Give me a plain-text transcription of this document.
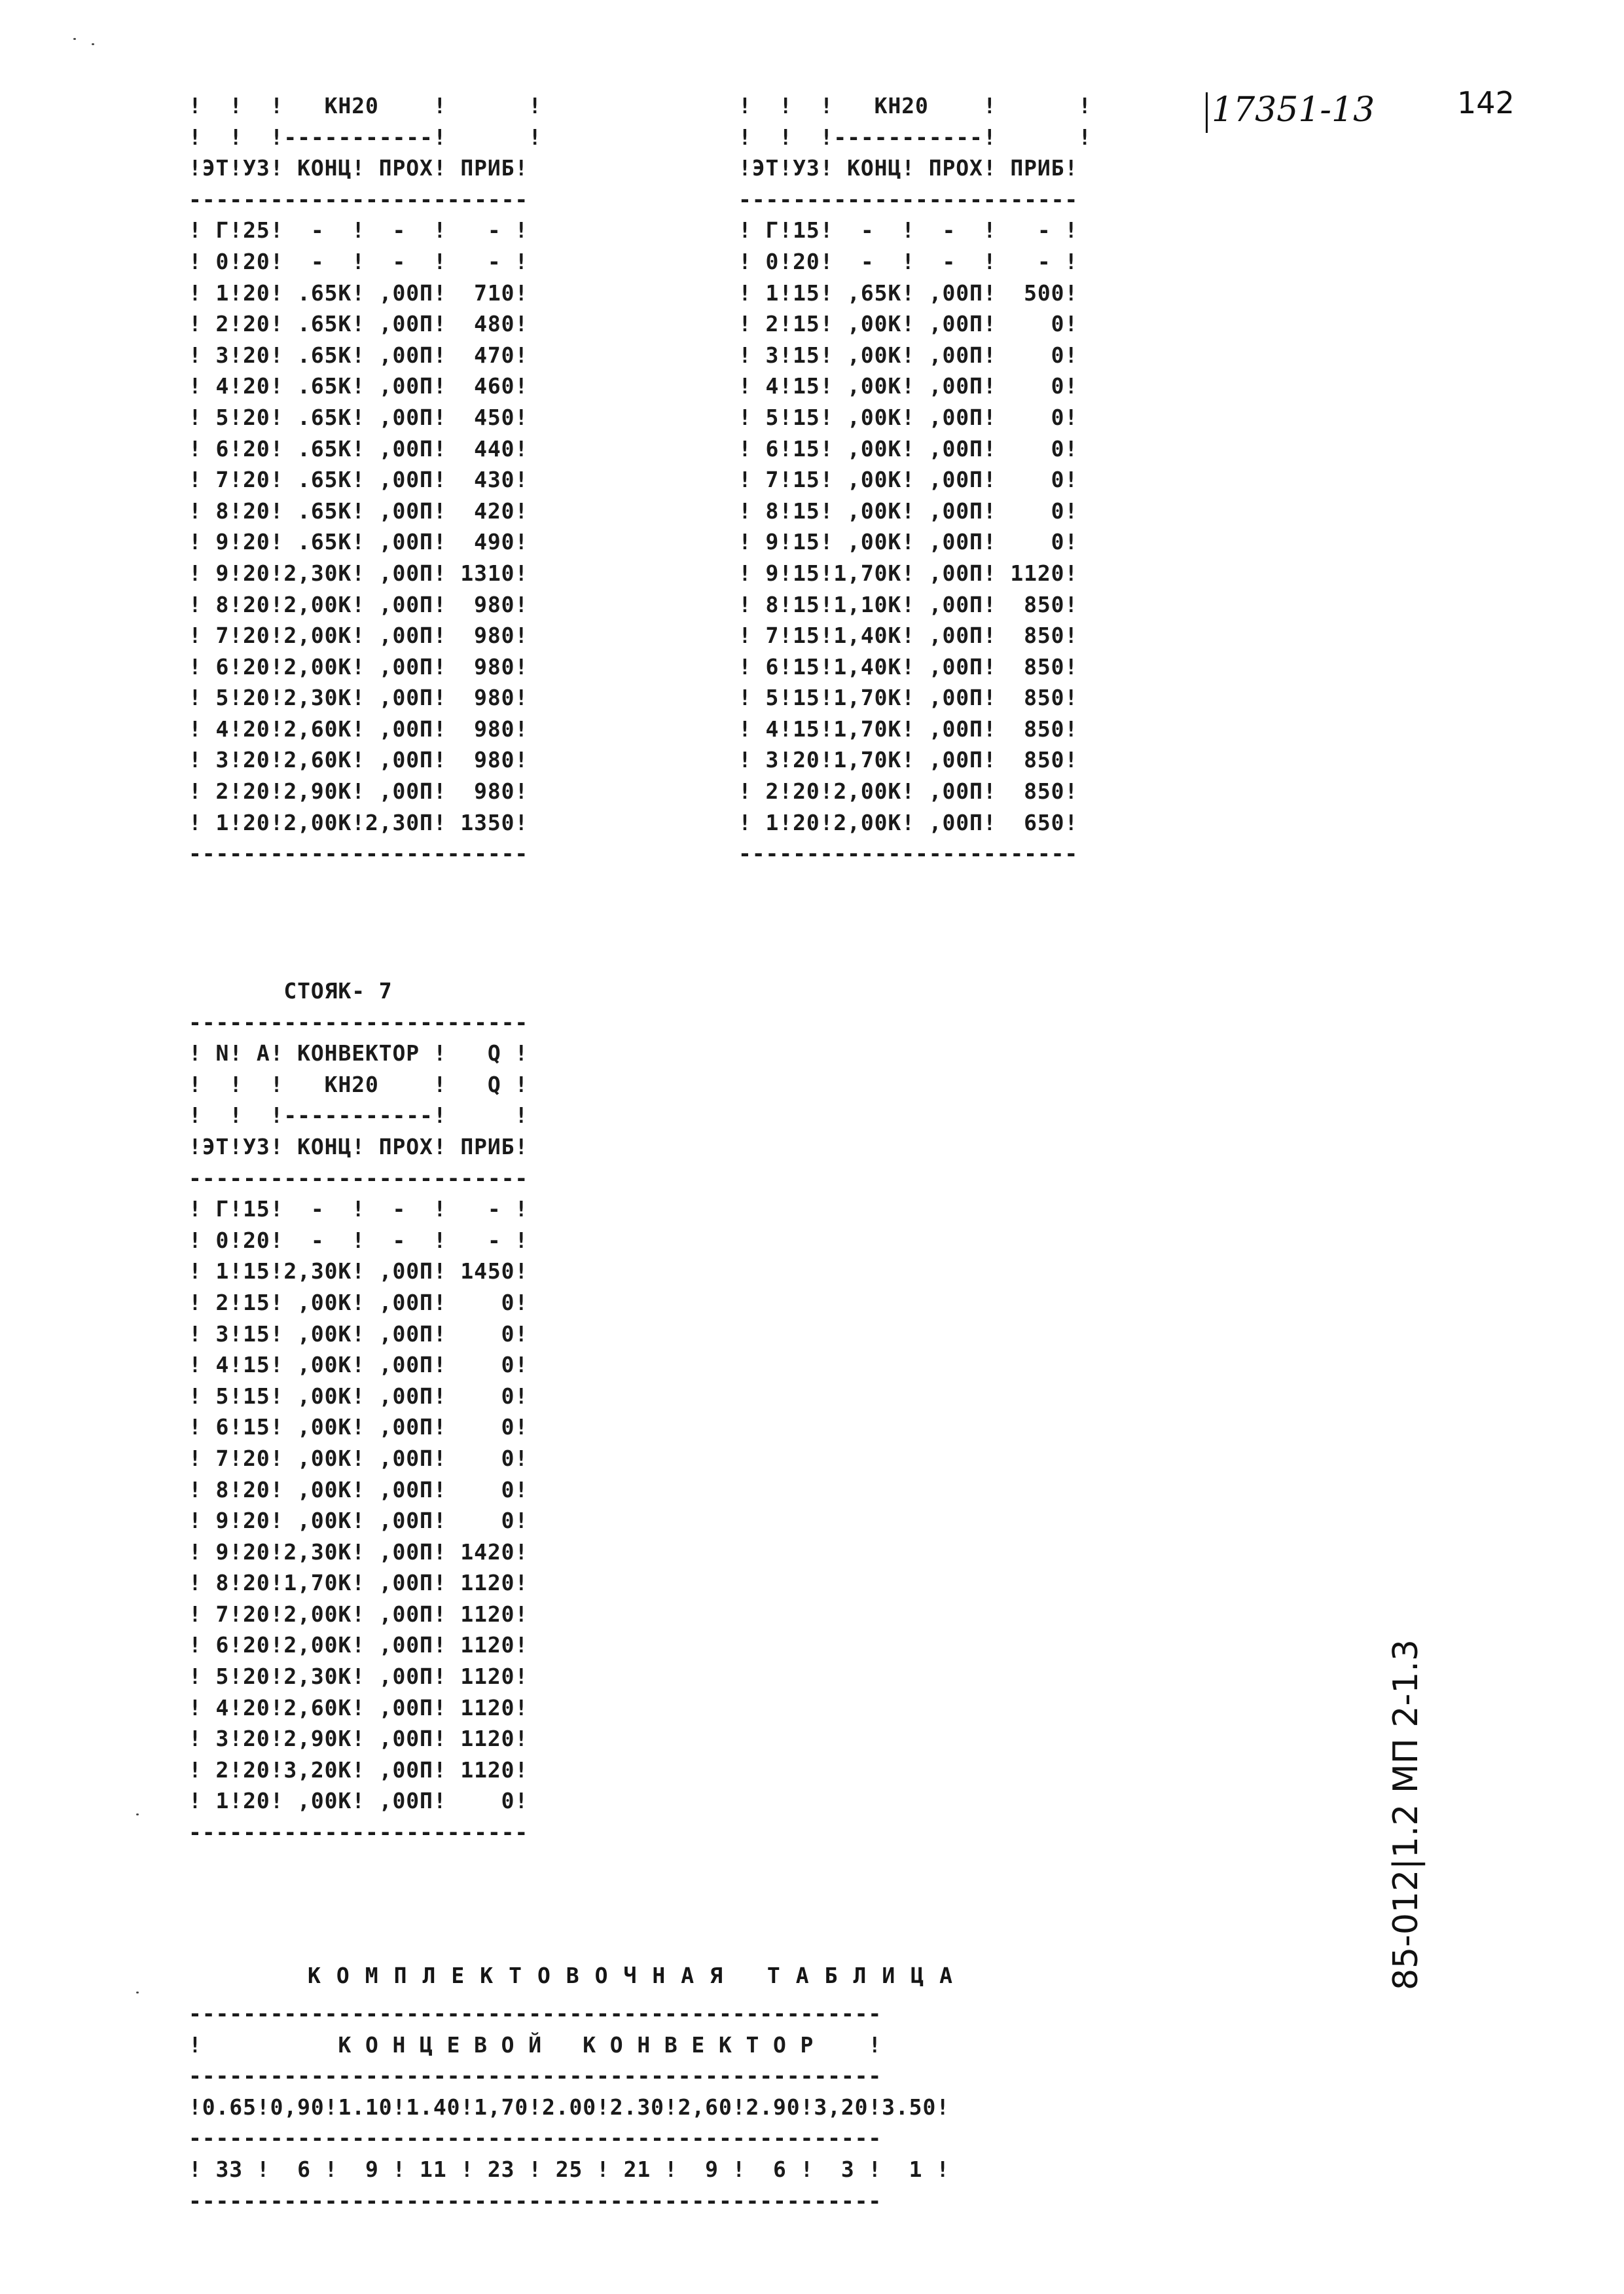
!  !  !   КН20    !      !
!  !  !-----------!      !
!ЭТ!УЗ! КОНЦ! ПРОХ! ПРИБ!
-------------------------
! Г!25!  -  !  -  !   - !
! 0!20!  -  !  -  !   - !
! 1!20! .65К! ,00П!  710!
! 2!20! .65К! ,00П!  480!
! 3!20! .65К! ,00П!  470!
! 4!20! .65К! ,00П!  460!
! 5!20! .65К! ,00П!  450!
! 6!20! .65К! ,00П!  440!
! 7!20! .65К! ,00П!  430!
! 8!20! .65К! ,00П!  420!
! 9!20! .65К! ,00П!  490!
! 9!20!2,30К! ,00П! 1310!
! 8!20!2,00К! ,00П!  980!
! 7!20!2,00К! ,00П!  980!
! 6!20!2,00К! ,00П!  980!
! 5!20!2,30К! ,00П!  980!
! 4!20!2,60К! ,00П!  980!
! 3!20!2,60К! ,00П!  980!
! 2!20!2,90К! ,00П!  980!
! 1!20!2,00К!2,30П! 1350!
-------------------------
!  !  !   КН20    !      !
!  !  !-----------!      !
!ЭТ!УЗ! КОНЦ! ПРОХ! ПРИБ!
-------------------------
! Г!15!  -  !  -  !   - !
! 0!20!  -  !  -  !   - !
! 1!15! ,65К! ,00П!  500!
! 2!15! ,00К! ,00П!    0!
! 3!15! ,00К! ,00П!    0!
! 4!15! ,00К! ,00П!    0!
! 5!15! ,00К! ,00П!    0!
! 6!15! ,00К! ,00П!    0!
! 7!15! ,00К! ,00П!    0!
! 8!15! ,00К! ,00П!    0!
! 9!15! ,00К! ,00П!    0!
! 9!15!1,70К! ,00П! 1120!
! 8!15!1,10К! ,00П!  850!
! 7!15!1,40К! ,00П!  850!
! 6!15!1,40К! ,00П!  850!
! 5!15!1,70К! ,00П!  850!
! 4!15!1,70К! ,00П!  850!
! 3!20!1,70К! ,00П!  850!
! 2!20!2,00К! ,00П!  850!
! 1!20!2,00К! ,00П!  650!
-------------------------
17351-13	142
СТОЯК- 7
-------------------------
! N! А! КОНВЕКТОР !   Q !
!  !  !   КН20    !   Q !
!  !  !-----------!     !
!ЭТ!УЗ! КОНЦ! ПРОХ! ПРИБ!
-------------------------
! Г!15!  -  !  -  !   - !
! 0!20!  -  !  -  !   - !
! 1!15!2,30К! ,00П! 1450!
! 2!15! ,00К! ,00П!    0!
! 3!15! ,00К! ,00П!    0!
! 4!15! ,00К! ,00П!    0!
! 5!15! ,00К! ,00П!    0!
! 6!15! ,00К! ,00П!    0!
! 7!20! ,00К! ,00П!    0!
! 8!20! ,00К! ,00П!    0!
! 9!20! ,00К! ,00П!    0!
! 9!20!2,30К! ,00П! 1420!
! 8!20!1,70К! ,00П! 1120!
! 7!20!2,00К! ,00П! 1120!
! 6!20!2,00К! ,00П! 1120!
! 5!20!2,30К! ,00П! 1120!
! 4!20!2,60К! ,00П! 1120!
! 3!20!2,90К! ,00П! 1120!
! 2!20!3,20К! ,00П! 1120!
! 1!20! ,00К! ,00П!    0!
-------------------------
КОМПЛЕКТОВОЧНАЯ ТАБЛИЦА
---------------------------------------------------
!          К О Н Ц Е В О Й   К О Н В Е К Т О Р    !
---------------------------------------------------
!0.65!0,90!1.10!1.40!1,70!2.00!2.30!2,60!2.90!3,20!3.50!
---------------------------------------------------
! 33 !  6 !  9 ! 11 ! 23 ! 25 ! 21 !  9 !  6 !  3 !  1 !
---------------------------------------------------
85-012|1.2 МП 2-1.3
